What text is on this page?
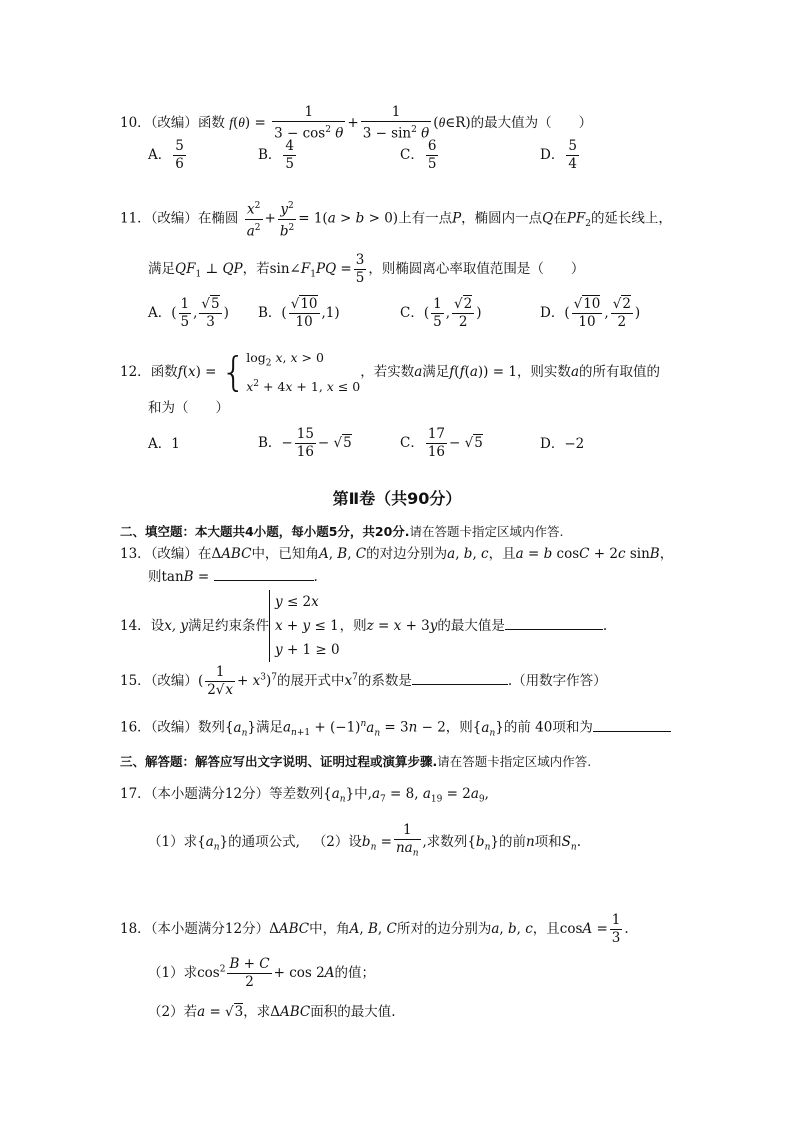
10．（改编）函数 $f(\theta) = \frac{1}{3 - \cos^2 \theta} + \frac{1}{3 - \sin^2 \theta}$ (θ∈R)的最大值为（　　）
A． $\frac{5}{6}$	B． $\frac{4}{5}$	C． $\frac{6}{5}$	D． $\frac{5}{4}$
11．（改编）在椭圆 $\frac{x^2}{a^2} + \frac{y^2}{b^2} = 1(a > b > 0)$上有一点P，椭圆内一点Q在$PF_2$的延长线上，
满足$QF_1$ ⊥ QP，若$\sin\angle F_1PQ = \frac{3}{5}$ ，则椭圆离心率取值范围是（　　）
A．( $\frac{1}{5}$ , $\frac{√5}{3}$ ) B．( $\frac{√10}{10} ,1$)	C．( $\frac{1}{5}$ , $\frac{√2}{2}$ )	D．( $\frac{√10}{10}$ , $\frac{√2}{2}$ )
12．函数$f(x) = \{\log_2$ x, x > 0
$x^2 + 4x + 1$, x ≤ 0，若实数a满足f(f(a)) = 1，则实数a的所有取值的
和为（　　）
A．1	B．− $\frac{15}{16} - √5$	C． $\frac{17}{16} - √5$	D．−2
第Ⅱ卷（共90分）
二、填空题：本大题共4小题，每小题5分，共20分.请在答题卡指定区域内作答.
13．（改编）在ΔABC中，已知角A, B, C的对边分别为a, b, c，且a = b cosC + 2c sinB，
则tanB =	.
14．设x, y满足约束条件y ≤ 2x
x + y ≤ 1
y + 1 ≥ 0，则z = x + 3y的最大值是	.
15．（改编）( $\frac{1}{2√x} + x^3)^7$的展开式中$x^7$的系数是	.（用数字作答）
16．（改编）数列$\{a_n\}$满足$a_{n+1} + (-1)^na_n = 3n - 2$，则$\{a_n\}$的前 40项和为
三、解答题：解答应写出文字说明、证明过程或演算步骤.请在答题卡指定区域内作答.
17．（本小题满分12分）等差数列$\{a_n\}$中$,a_7 = 8$, $a_{19} = 2a_9$,
（1）求$\{a_n\}$的通项公式, （2）设$b_n = \frac{1}{na_n}$ ,求数列$\{b_n\}$的前n项和$S_n$.
18．（本小题满分12分）ΔABC中，角A, B, C所对的边分别为a, b, c，且$\cos A = \frac{1}{3}$ .
（1）求$\cos^2 \frac{B + C}{2} + \cos 2A$的值；
（2）若a = √3，求ΔABC面积的最大值.
